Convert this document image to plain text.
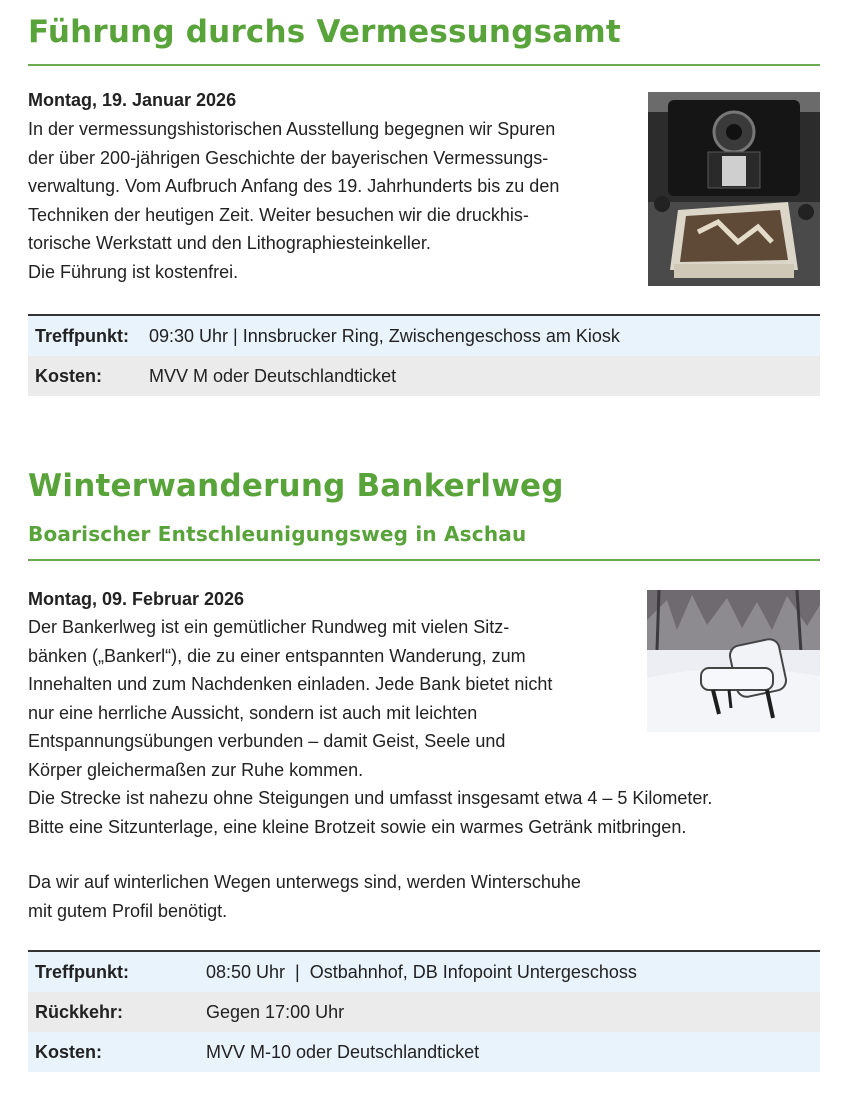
Führung durchs Vermessungsamt
Montag, 19. Januar 2026
In der vermessungshistorischen Ausstellung begegnen wir Spuren
der über 200-jährigen Geschichte der bayerischen Vermessungs-
verwaltung. Vom Aufbruch Anfang des 19. Jahrhunderts bis zu den
Techniken der heutigen Zeit. Weiter besuchen wir die druckhis-
torische Werkstatt und den Lithographiesteinkeller.
Die Führung ist kostenfrei.
Treffpunkt:	09:30 Uhr | Innsbrucker Ring, Zwischengeschoss am Kiosk
Kosten:	MVV M oder Deutschlandticket
Winterwanderung Bankerlweg
Boarischer Entschleunigungsweg in Aschau
Montag, 09. Februar 2026
Der Bankerlweg ist ein gemütlicher Rundweg mit vielen Sitz-
bänken („Bankerl“), die zu einer entspannten Wanderung, zum
Innehalten und zum Nachdenken einladen. Jede Bank bietet nicht
nur eine herrliche Aussicht, sondern ist auch mit leichten
Entspannungsübungen verbunden – damit Geist, Seele und
Körper gleichermaßen zur Ruhe kommen.
Die Strecke ist nahezu ohne Steigungen und umfasst insgesamt etwa 4 – 5 Kilometer.
Bitte eine Sitzunterlage, eine kleine Brotzeit sowie ein warmes Getränk mitbringen.
Da wir auf winterlichen Wegen unterwegs sind, werden Winterschuhe
mit gutem Profil benötigt.
Treffpunkt:	08:50 Uhr  |  Ostbahnhof, DB Infopoint Untergeschoss
Rückkehr:	Gegen 17:00 Uhr
Kosten:	MVV M-10 oder Deutschlandticket
